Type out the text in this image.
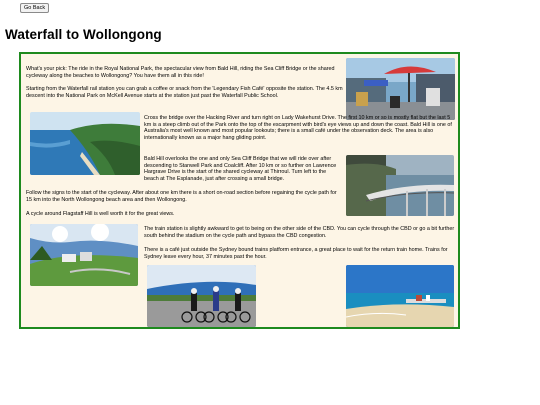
Go Back
Waterfall to Wollongong

What's your pick: The ride in the Royal National Park, the spectacular view from Bald Hill, riding the Sea Cliff Bridge or the shared cycleway along the beaches to Wollongong? You have them all in this ride!

Starting from the Waterfall rail station you can grab a coffee or snack from the 'Legendary Fish Café' opposite the station. The 4.5 km descent into the National Park on McKell Avenue starts at the station just past the Waterfall Public School.

Cross the bridge over the Hacking River and turn right on Lady Wakehurst Drive. The first 10 km or so is mostly flat but the last 5 km is a steep climb out of the Park onto the top of the escarpment with bird's eye views up and down the coast. Bald Hill is one of Australia's most well known and most popular lookouts; there is a small café under the observation deck. The area is also internationally known as a major hang gliding point.

Bald Hill overlooks the one and only Sea Cliff Bridge that we will ride over after descending to Stanwell Park and Coalcliff. After 10 km or so further on Lawrence Hargrave Drive is the start of the shared cycleway at Thirroul. Turn left to the beach at The Esplanade, just after crossing a small bridge.

Follow the signs to the start of the cycleway. After about one km there is a short on-road section before regaining the cycle path for 15 km into the North Wollongong beach area and then Wollongong.

A cycle around Flagstaff Hill is well worth it for the great views.

The train station is slightly awkward to get to being on the other side of the CBD. You can cycle through the CBD or go a bit further south behind the stadium on the cycle path and bypass the CBD congestion.

There is a café just outside the Sydney bound trains platform entrance, a great place to wait for the return train home. Trains for Sydney leave every hour, 37 minutes past the hour.
